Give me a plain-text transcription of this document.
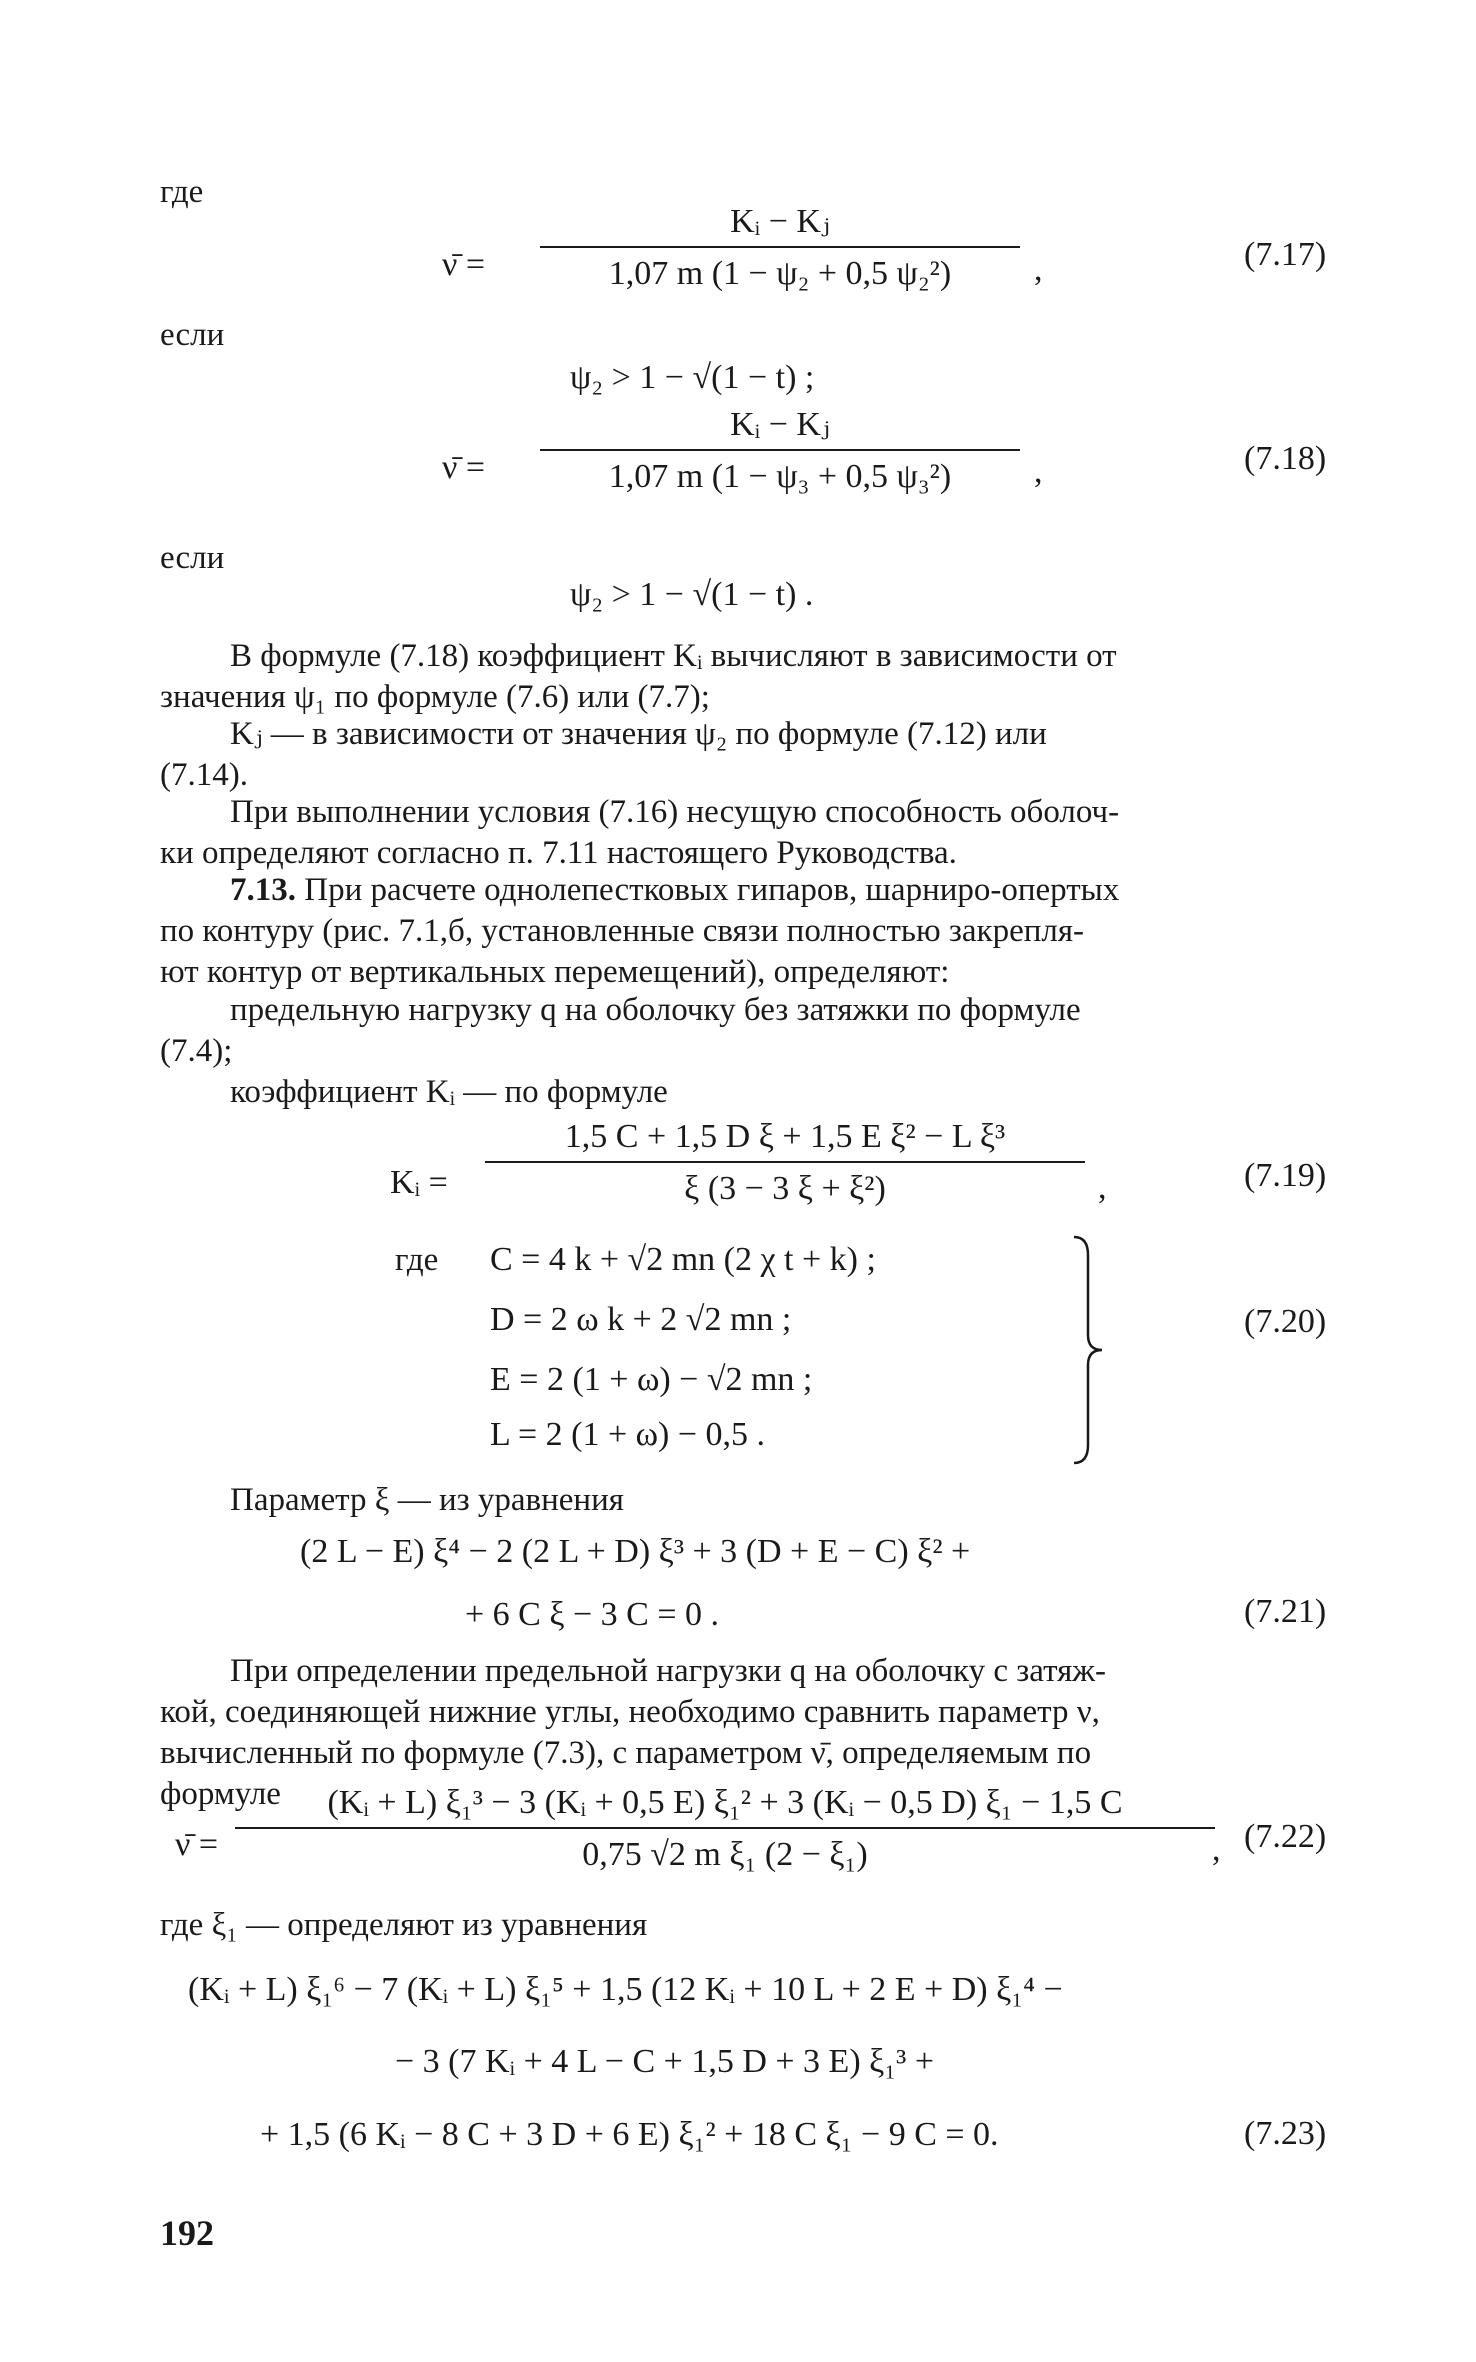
где
ν̄ =
Kᵢ − Kⱼ
1,07 m (1 − ψ₂ + 0,5 ψ₂²)	,	(7.17)
если
ψ₂ > 1 − √(1 − t) ;
ν̄ =
Kᵢ − Kⱼ
1,07 m (1 − ψ₃ + 0,5 ψ₃²)	,	(7.18)
если
ψ₂ > 1 − √(1 − t) .
В формуле (7.18) коэффициент Kᵢ вычисляют в зависимости от
значения ψ₁ по формуле (7.6) или (7.7);
Kⱼ — в зависимости от значения ψ₂ по формуле (7.12) или
(7.14).
При выполнении условия (7.16) несущую способность оболоч-
ки определяют согласно п. 7.11 настоящего Руководства.
7.13. При расчете однолепестковых гипаров, шарниро-опертых
по контуру (рис. 7.1,б, установленные связи полностью закрепля-
ют контур от вертикальных перемещений), определяют:
предельную нагрузку q на оболочку без затяжки по формуле
(7.4);
коэффициент Kᵢ — по формуле
Kᵢ =
1,5 C + 1,5 D ξ + 1,5 E ξ² − L ξ³
ξ (3 − 3 ξ + ξ²)	,	(7.19)
где C = 4 k + √2 mn (2 χ t + k) ;
D = 2 ω k + 2 √2 mn ;
E = 2 (1 + ω) − √2 mn ;
L = 2 (1 + ω) − 0,5 .
(7.20)
Параметр ξ — из уравнения
(2 L − E) ξ⁴ − 2 (2 L + D) ξ³ + 3 (D + E − C) ξ² +
+ 6 C ξ − 3 C = 0 .	(7.21)
При определении предельной нагрузки q на оболочку с затяж-
кой, соединяющей нижние углы, необходимо сравнить параметр ν,
вычисленный по формуле (7.3), с параметром ν̄, определяемым по
формуле
ν̄ =
(Kᵢ + L) ξ₁³ − 3 (Kᵢ + 0,5 E) ξ₁² + 3 (Kᵢ − 0,5 D) ξ₁ − 1,5 C
0,75 √2 m ξ₁ (2 − ξ₁)	, (7.22)
где ξ₁ — определяют из уравнения
(Kᵢ + L) ξ₁⁶ − 7 (Kᵢ + L) ξ₁⁵ + 1,5 (12 Kᵢ + 10 L + 2 E + D) ξ₁⁴ −
− 3 (7 Kᵢ + 4 L − C + 1,5 D + 3 E) ξ₁³ +
+ 1,5 (6 Kᵢ − 8 C + 3 D + 6 E) ξ₁² + 18 C ξ₁ − 9 C = 0.	(7.23)
192
